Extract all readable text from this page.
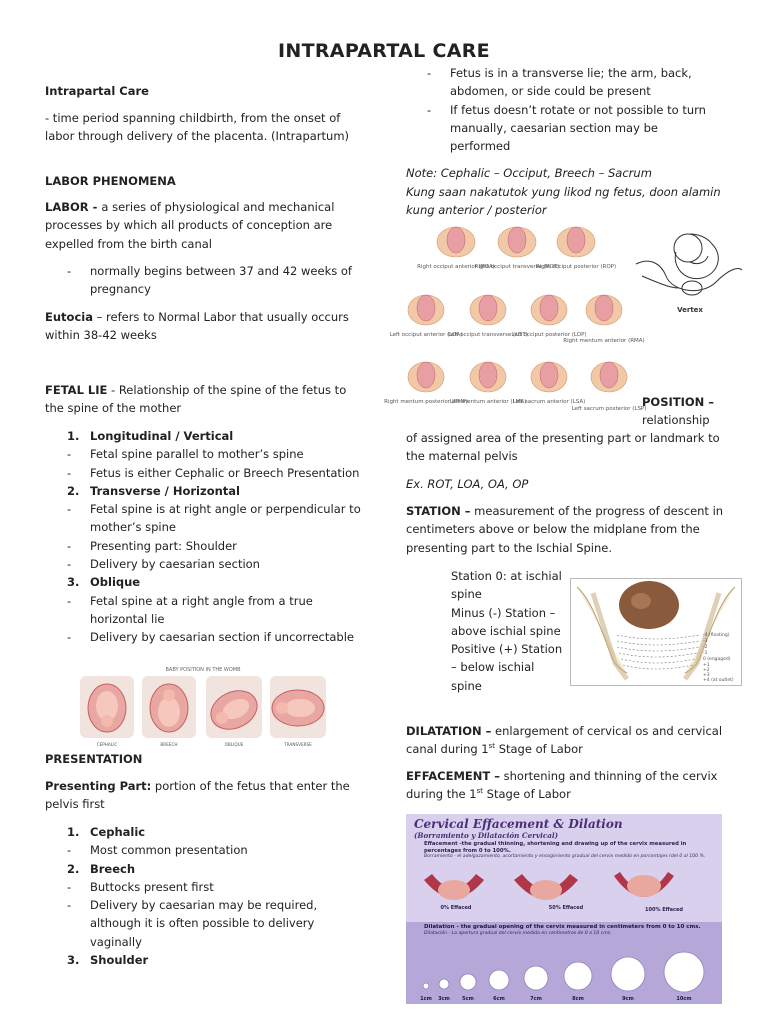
INTRAPARTAL CARE
Intrapartal Care
- time period spanning childbirth, from the onset of labor through delivery of the placenta. (Intrapartum)
LABOR PHENOMENA
LABOR - a series of physiological and mechanical processes by which all products of conception are expelled from the birth canal
-	normally begins between 37 and 42 weeks of pregnancy
Eutocia – refers to Normal Labor that usually occurs within 38-42 weeks
FETAL LIE - Relationship of the spine of the fetus to the spine of the mother
1. Longitudinal / Vertical
-	Fetal spine parallel to mother’s spine
-	Fetus is either Cephalic or Breech Presentation
2. Transverse / Horizontal
-	Fetal spine is at right angle or perpendicular to mother’s spine
-	Presenting part: Shoulder
-	Delivery by caesarian section
3. Oblique
-	Fetal spine at a right angle from a true horizontal lie
-	Delivery by caesarian section if uncorrectable
BABY POSITION IN THE WOMB
CEPHALIC	BREECH	OBLIQUE	TRANSVERSE
PRESENTATION
Presenting Part: portion of the fetus that enter the pelvis first
1. Cephalic
-	Most common presentation
2. Breech
-	Buttocks present first
-	Delivery by caesarian may be required, although it is often possible to delivery vaginally
3. Shoulder
-	Fetus is in a transverse lie; the arm, back, abdomen, or side could be present
-	If fetus doesn’t rotate or not possible to turn manually, caesarian section may be performed
Note: Cephalic – Occiput, Breech – Sacrum
Kung saan nakatutok yung likod ng fetus, doon alamin kung anterior / posterior
Right occiput anterior (ROA)
Right occiput transverse (ROT)
Right occiput posterior (ROP)
Left occiput anterior (LOA)
Left occiput transverse (LOT)
Left occiput posterior (LOP)
Right mentum anterior (RMA)
Right mentum posterior (RMP)
Left mentum anterior (LMA)
Left sacrum anterior (LSA)
Left sacrum posterior (LSP)
Vertex
POSITION –
relationship
of assigned area of the presenting part or landmark to the maternal pelvis
Ex. ROT, LOA, OA, OP
STATION – measurement of the progress of descent in centimeters above or below the midplane from the presenting part to the Ischial Spine.
Station 0: at ischial spine
Minus (-) Station – above ischial spine
Positive (+) Station – below ischial spine
-4 (floating)
-3
-2
-1
0 (engaged)
+1
+2
+3
+4 (at outlet)
DILATATION – enlargement of cervical os and cervical canal during 1st Stage of Labor
EFFACEMENT – shortening and thinning of the cervix during the 1st Stage of Labor
Cervical Effacement & Dilation
(Borramiento y Dilatación Cervical)
Effacement -the gradual thinning, shortening and drawing up of the cervix measured in percentages from 0 to 100%.
Borramiento - el adelgazamiento, acortamiento y encogimiento gradual del cervix medido en porcentajes (del 0 al 100 %.
0% Effaced	50% Effaced	100% Effaced
Dilatation - the gradual opening of the cervix measured in centimeters from 0 to 10 cms.
Dilatación - La apertura gradual del cervix medida en centimetros de 0 a 10 cms.
1cm 3cm 5cm	6cm	7cm	8cm	9cm	10cm
